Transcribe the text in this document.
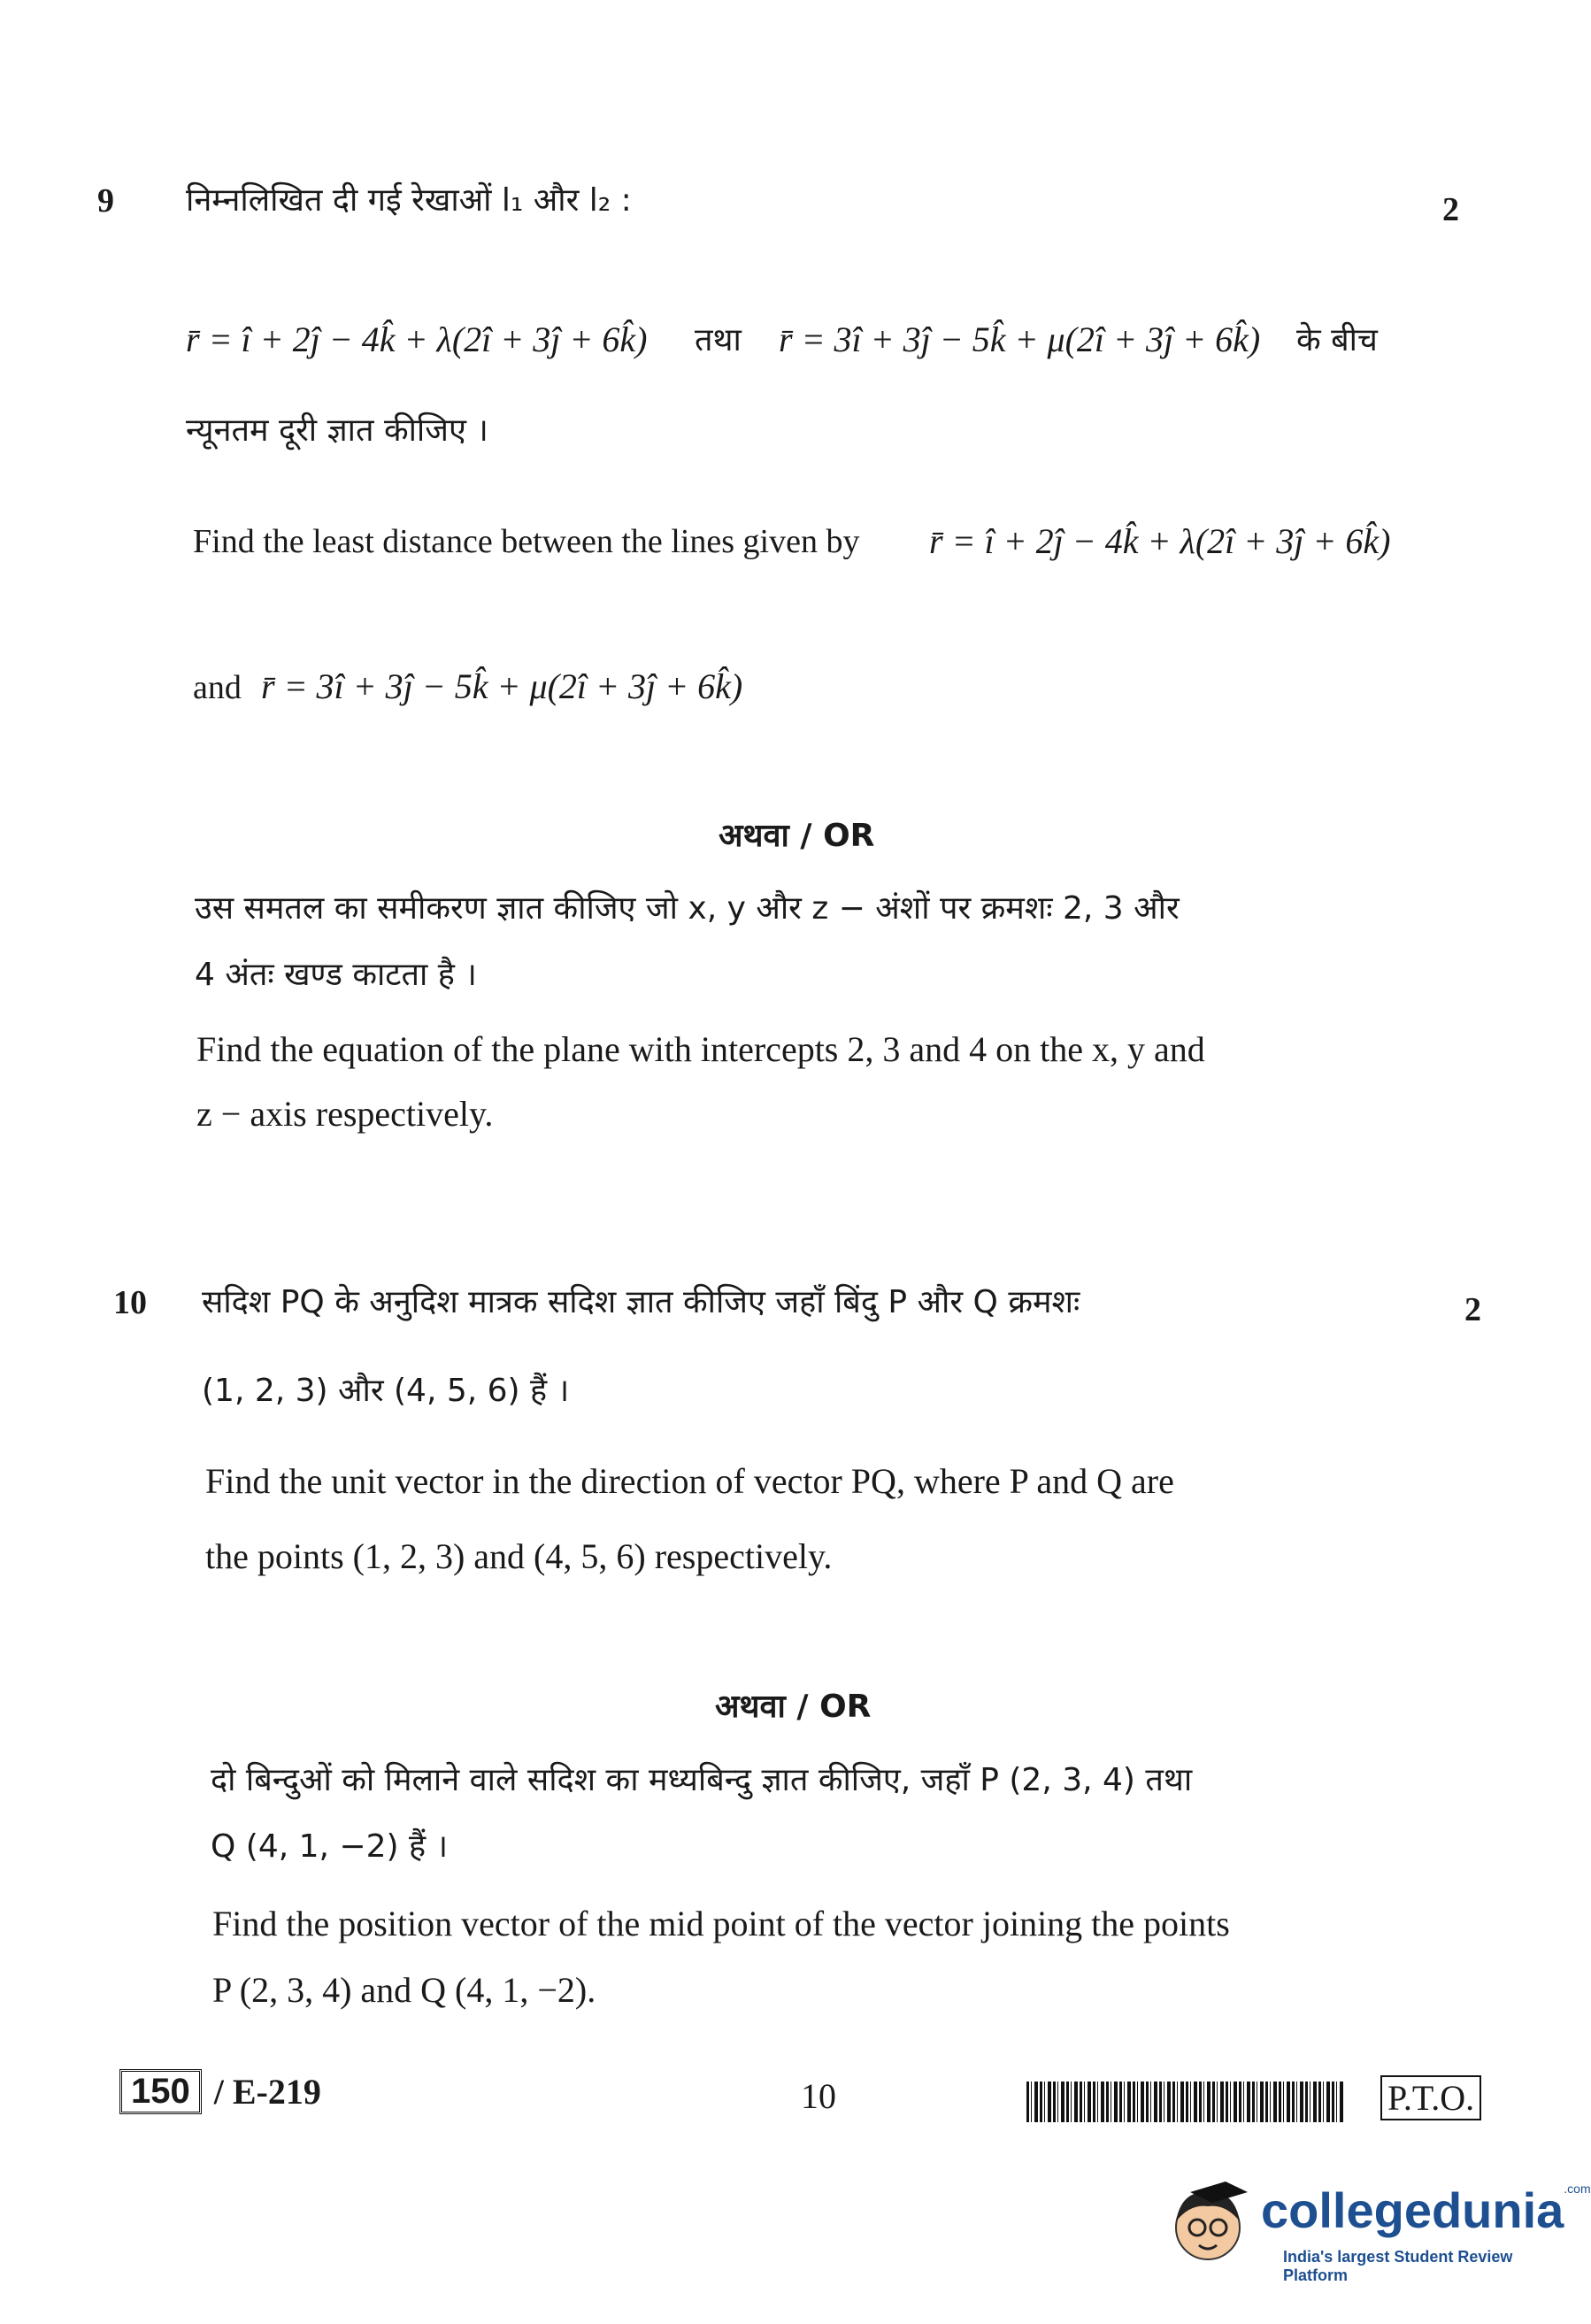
9	2
निम्नलिखित दी गई रेखाओं l₁ और l₂ :
r̄ = î + 2ĵ − 4k̂ + λ(2î + 3ĵ + 6k̂) तथा r̄ = 3î + 3ĵ − 5k̂ + μ(2î + 3ĵ + 6k̂) के बीच
न्यूनतम दूरी ज्ञात कीजिए ।
Find the least distance between the lines given by r̄ = î + 2ĵ − 4k̂ + λ(2î + 3ĵ + 6k̂)
and r̄ = 3î + 3ĵ − 5k̂ + μ(2î + 3ĵ + 6k̂)
अथवा / OR
उस समतल का समीकरण ज्ञात कीजिए जो x, y और z − अंशों पर क्रमशः 2, 3 और
4 अंतः खण्ड काटता है ।
Find the equation of the plane with intercepts 2, 3 and 4 on the x, y and
z − axis respectively.
10	2
सदिश PQ के अनुदिश मात्रक सदिश ज्ञात कीजिए जहाँ बिंदु P और Q क्रमशः
(1, 2, 3) और (4, 5, 6) हैं ।
Find the unit vector in the direction of vector PQ, where P and Q are
the points (1, 2, 3) and (4, 5, 6) respectively.
अथवा / OR
दो बिन्दुओं को मिलाने वाले सदिश का मध्यबिन्दु ज्ञात कीजिए, जहाँ P (2, 3, 4) तथा
Q (4, 1, −2) हैं ।
Find the position vector of the mid point of the vector joining the points
P (2, 3, 4) and Q (4, 1, −2).
150 / E-219	10	P.T.O.
collegedunia.com
India's largest Student Review Platform
